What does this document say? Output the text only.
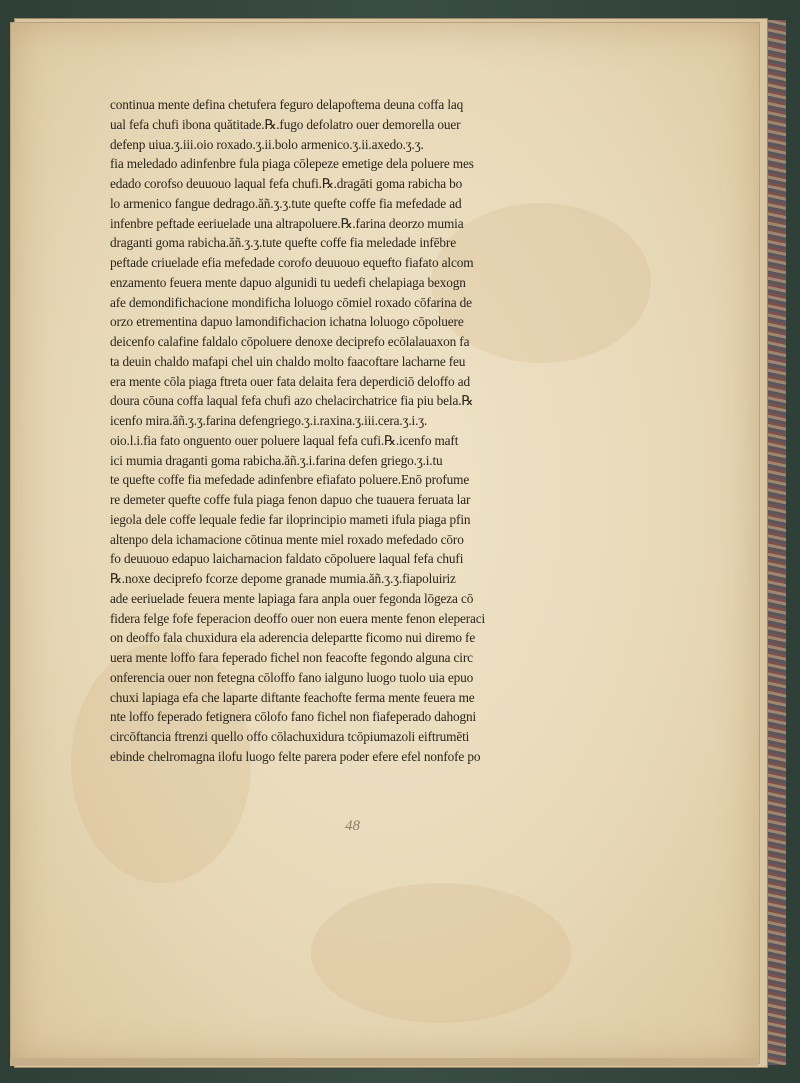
continua mente defina chetufera feguro delapoftema deuna coffa laq
ual fefa chufi ibona quătitade.℞.fugo defolatro ouer demorella ouer
defenp uiua.ʒ.iii.oio roxado.ʒ.ii.bolo armenico.ʒ.ii.axedo.ʒ.ʒ.
fia meledado adinfenbre fula piaga cōlepeze emetige dela poluere mes
edado corofso deuuouo laqual fefa chufi.℞.dragāti goma rabicha bo
lo armenico fangue dedrago.ăñ.ʒ.ʒ.tute quefte coffe fia mefedade ad
infenbre peftade eeriuelade una altrapoluere.℞.farina deorzo mumia
draganti goma rabicha.ăñ.ʒ.ʒ.tute quefte coffe fia meledade infēbre
peftade criuelade efia mefedade corofo deuuouo equefto fiafato alcom
enzamento feuera mente dapuo algunidi tu uedefi chelapiaga bexogn
afe demondifichacione mondificha loluogo cōmiel roxado cōfarina de
orzo etrementina dapuo lamondifichacion ichatna loluogo cōpoluere
deicenfo calafine faldalo cōpoluere denoxe deciprefo ecōlalauaxon fa
ta deuin chaldo mafapi chel uin chaldo molto faacoftare lacharne feu
era mente cōla piaga ftreta ouer fata delaita fera deperdiciō deloffo ad
doura cōuna coffa laqual fefa chufi azo chelacirchatrice fia piu bela.℞
icenfo mira.ăñ.ʒ.ʒ.farina defengriego.ʒ.i.raxina.ʒ.iii.cera.ʒ.i.ʒ.
oio.l.i.fia fato onguento ouer poluere laqual fefa cufi.℞.icenfo maft
ici mumia draganti goma rabicha.ăñ.ʒ.i.farina defen griego.ʒ.i.tu
te quefte coffe fia mefedade adinfenbre efiafato poluere.Enō profume
re demeter quefte coffe fula piaga fenon dapuo che tuauera feruata lar
iegola dele coffe lequale fedie far iloprincipio mameti ifula piaga pfin
altenpo dela ichamacione cōtinua mente miel roxado mefedado cōro
fo deuuouo edapuo laicharnacion faldato cōpoluere laqual fefa chufi
℞.noxe deciprefo fcorze depome granade mumia.ăñ.ʒ.ʒ.fiapoluiriz
ade eeriuelade feuera mente lapiaga fara anpla ouer fegonda lōgeza cō
fidera felge fofe feperacion deoffo ouer non euera mente fenon eleperaci
on deoffo fala chuxidura ela aderencia delepartte ficomo nui diremo fe
uera mente loffo fara feperado fichel non feacofte fegondo alguna circ
onferencia ouer non fetegna cōloffo fano ialguno luogo tuolo uia epuo
chuxi lapiaga efa che laparte diftante feachofte ferma mente feuera me
nte loffo feperado fetignera cōlofo fano fichel non fiafeperado dahogni
circōftancia ftrenzi quello offo cōlachuxidura tcōpiumazoli eiftrumēti
ebinde chelromagna ilofu luogo felte parera poder efere efel nonfofe po
48
